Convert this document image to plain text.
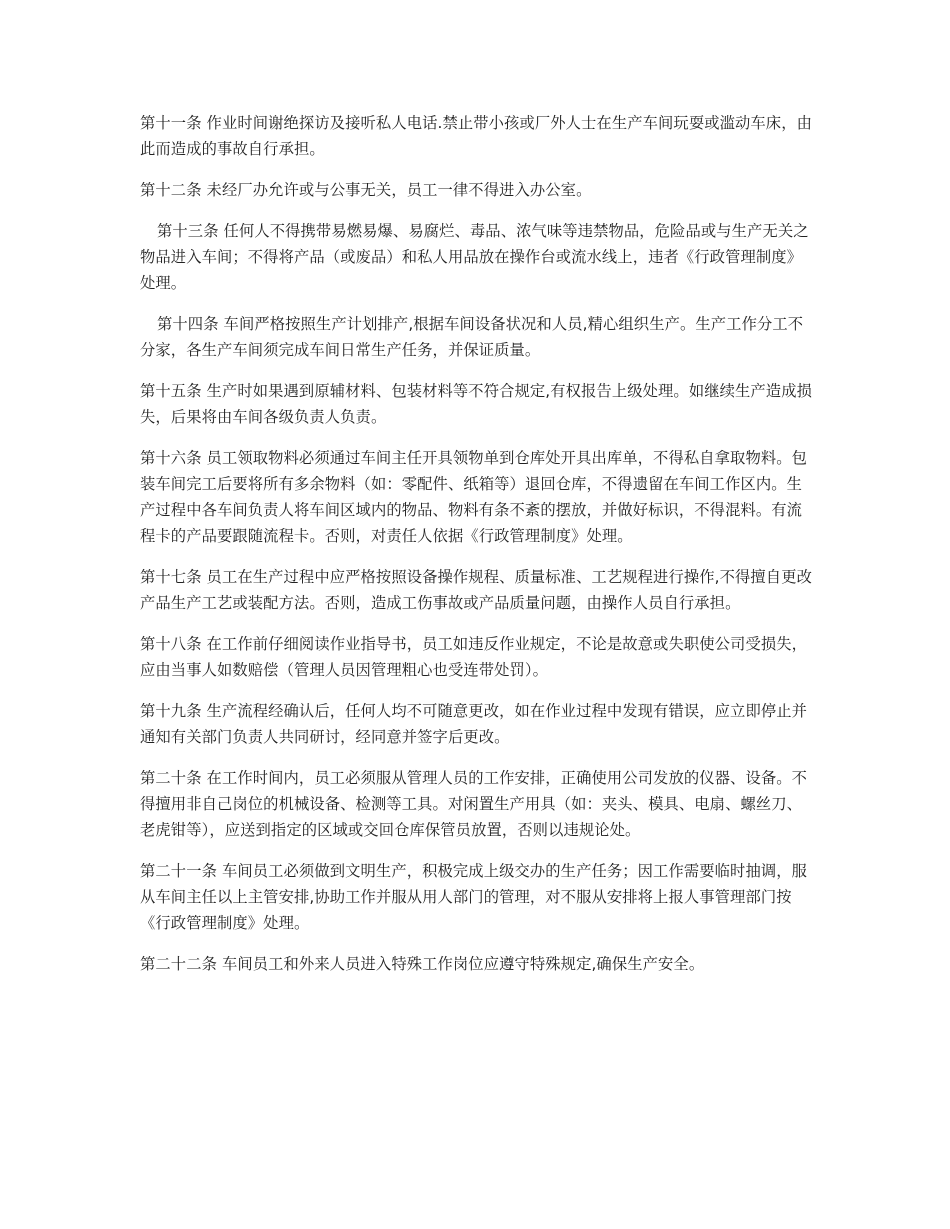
第十一条 作业时间谢绝探访及接听私人电话.禁止带小孩或厂外人士在生产车间玩耍或滥动车床，由此而造成的事故自行承担。

第十二条 未经厂办允许或与公事无关，员工一律不得进入办公室。

第十三条 任何人不得携带易燃易爆、易腐烂、毒品、浓气味等违禁物品，危险品或与生产无关之物品进入车间；不得将产品（或废品）和私人用品放在操作台或流水线上，违者《行政管理制度》处理。

第十四条 车间严格按照生产计划排产,根据车间设备状况和人员,精心组织生产。生产工作分工不分家，各生产车间须完成车间日常生产任务，并保证质量。

第十五条 生产时如果遇到原辅材料、包装材料等不符合规定,有权报告上级处理。如继续生产造成损失，后果将由车间各级负责人负责。

第十六条 员工领取物料必须通过车间主任开具领物单到仓库处开具出库单，不得私自拿取物料。包装车间完工后要将所有多余物料（如：零配件、纸箱等）退回仓库，不得遗留在车间工作区内。生产过程中各车间负责人将车间区域内的物品、物料有条不紊的摆放，并做好标识，不得混料。有流程卡的产品要跟随流程卡。否则，对责任人依据《行政管理制度》处理。

第十七条 员工在生产过程中应严格按照设备操作规程、质量标准、工艺规程进行操作,不得擅自更改产品生产工艺或装配方法。否则，造成工伤事故或产品质量问题，由操作人员自行承担。

第十八条 在工作前仔细阅读作业指导书，员工如违反作业规定，不论是故意或失职使公司受损失，应由当事人如数赔偿（管理人员因管理粗心也受连带处罚）。

第十九条 生产流程经确认后，任何人均不可随意更改，如在作业过程中发现有错误，应立即停止并通知有关部门负责人共同研讨，经同意并签字后更改。

第二十条 在工作时间内，员工必须服从管理人员的工作安排，正确使用公司发放的仪器、设备。不得擅用非自己岗位的机械设备、检测等工具。对闲置生产用具（如：夹头、模具、电扇、螺丝刀、老虎钳等），应送到指定的区域或交回仓库保管员放置，否则以违规论处。

第二十一条 车间员工必须做到文明生产，积极完成上级交办的生产任务；因工作需要临时抽调，服从车间主任以上主管安排,协助工作并服从用人部门的管理，对不服从安排将上报人事管理部门按《行政管理制度》处理。

第二十二条 车间员工和外来人员进入特殊工作岗位应遵守特殊规定,确保生产安全。
